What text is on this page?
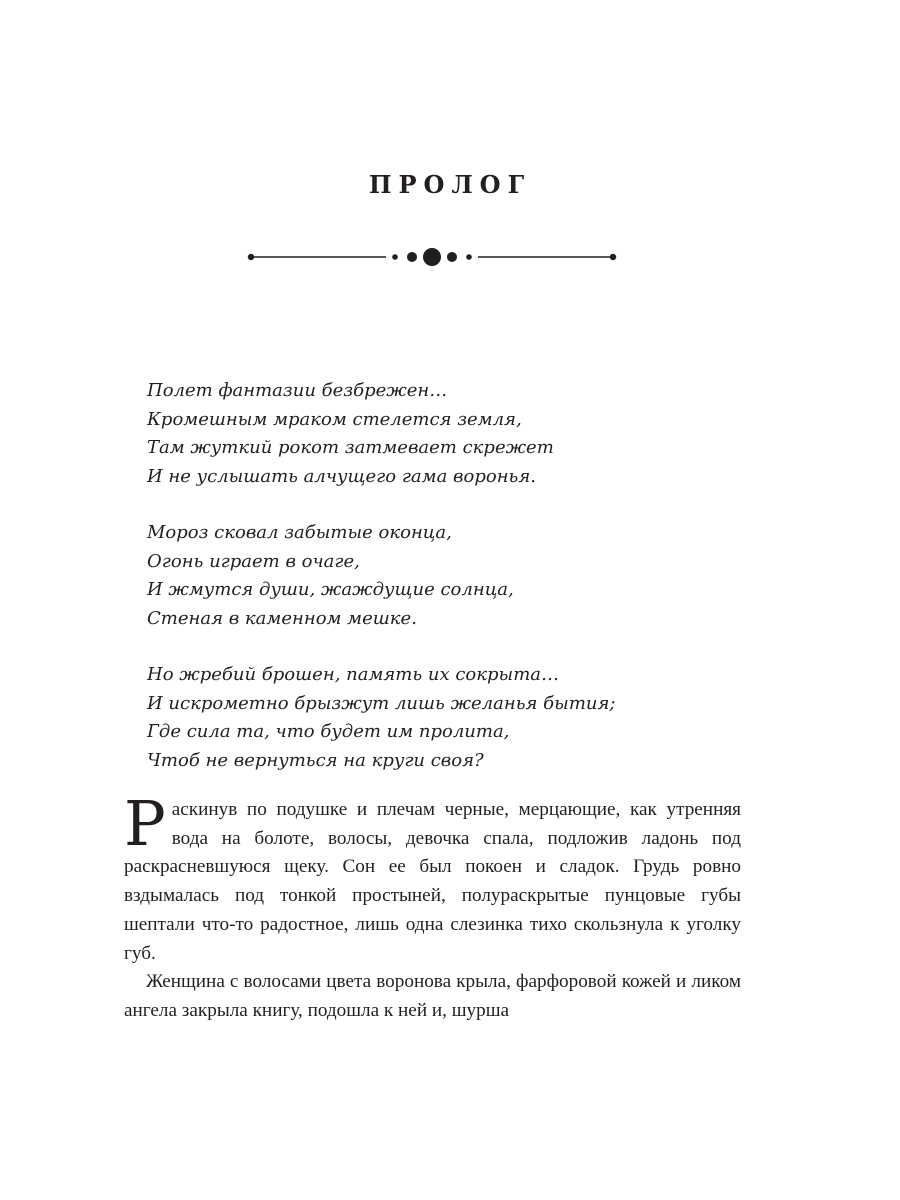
ПРОЛОГ
Полет фантазии безбрежен…
Кромешным мраком стелется земля,
Там жуткий рокот затмевает скрежет
И не услышать алчущего гама воронья.
Мороз сковал забытые оконца,
Огонь играет в очаге,
И жмутся души, жаждущие солнца,
Стеная в каменном мешке.
Но жребий брошен, память их сокрыта…
И искрометно брызжут лишь желанья бытия;
Где сила та, что будет им пролита,
Чтоб не вернуться на круги своя?

Раскинув по подушке и плечам черные, мерцающие, как утренняя вода на болоте, волосы, девочка спала, подложив ладонь под раскрасневшуюся щеку. Сон ее был покоен и сладок. Грудь ровно вздымалась под тонкой простыней, полураскрытые пунцовые губы шептали что-то радостное, лишь одна слезинка тихо скользнула к уголку губ.

Женщина с волосами цвета воронова крыла, фарфоровой кожей и ликом ангела закрыла книгу, подошла к ней и, шурша
